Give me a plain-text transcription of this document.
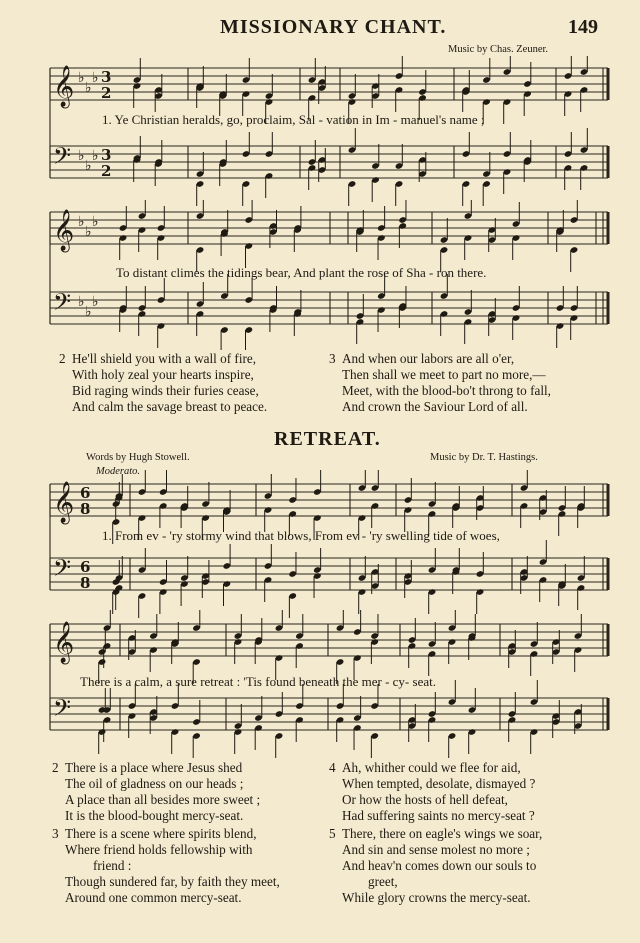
MISSIONARY CHANT.	149
Music by Chas. Zeuner.
𝄞 ♭
♭
♭ 3
2
𝄢 ♭
♭
♭ 3
2
1. Ye Christian heralds, go, proclaim, Sal - vation in Im - manuel's name ;
𝄞 ♭
♭
♭
𝄢 ♭
♭
♭
To distant climes the tidings bear, And plant the rose of Sha - ron there.
2 He'll shield you with a wall of fire,
With holy zeal your hearts inspire,
Bid raging winds their furies cease,
And calm the savage breast to peace.
3 And when our labors are all o'er,
Then shall we meet to part no more,—
Meet, with the blood-bo't throng to fall,
And crown the Saviour Lord of all.
RETREAT.
Words by Hugh Stowell.	Music by Dr. T. Hastings.
Moderato.
𝄞 6
8
𝄢 6
8
1. From ev - 'ry stormy wind that blows, From ev - 'ry swelling tide of woes,
𝄞
𝄢
There is a calm, a sure retreat : 'Tis found beneath the mer - cy- seat.
2 There is a place where Jesus shed
The oil of gladness on our heads ;
A place than all besides more sweet ;
It is the blood-bought mercy-seat.
4 Ah, whither could we flee for aid,
When tempted, desolate, dismayed ?
Or how the hosts of hell defeat,
Had suffering saints no mercy-seat ?
3 There is a scene where spirits blend,
Where friend holds fellowship with
friend :
Though sundered far, by faith they meet,
Around one common mercy-seat.
5 There, there on eagle's wings we soar,
And sin and sense molest no more ;
And heav'n comes down our souls to
greet,
While glory crowns the mercy-seat.
